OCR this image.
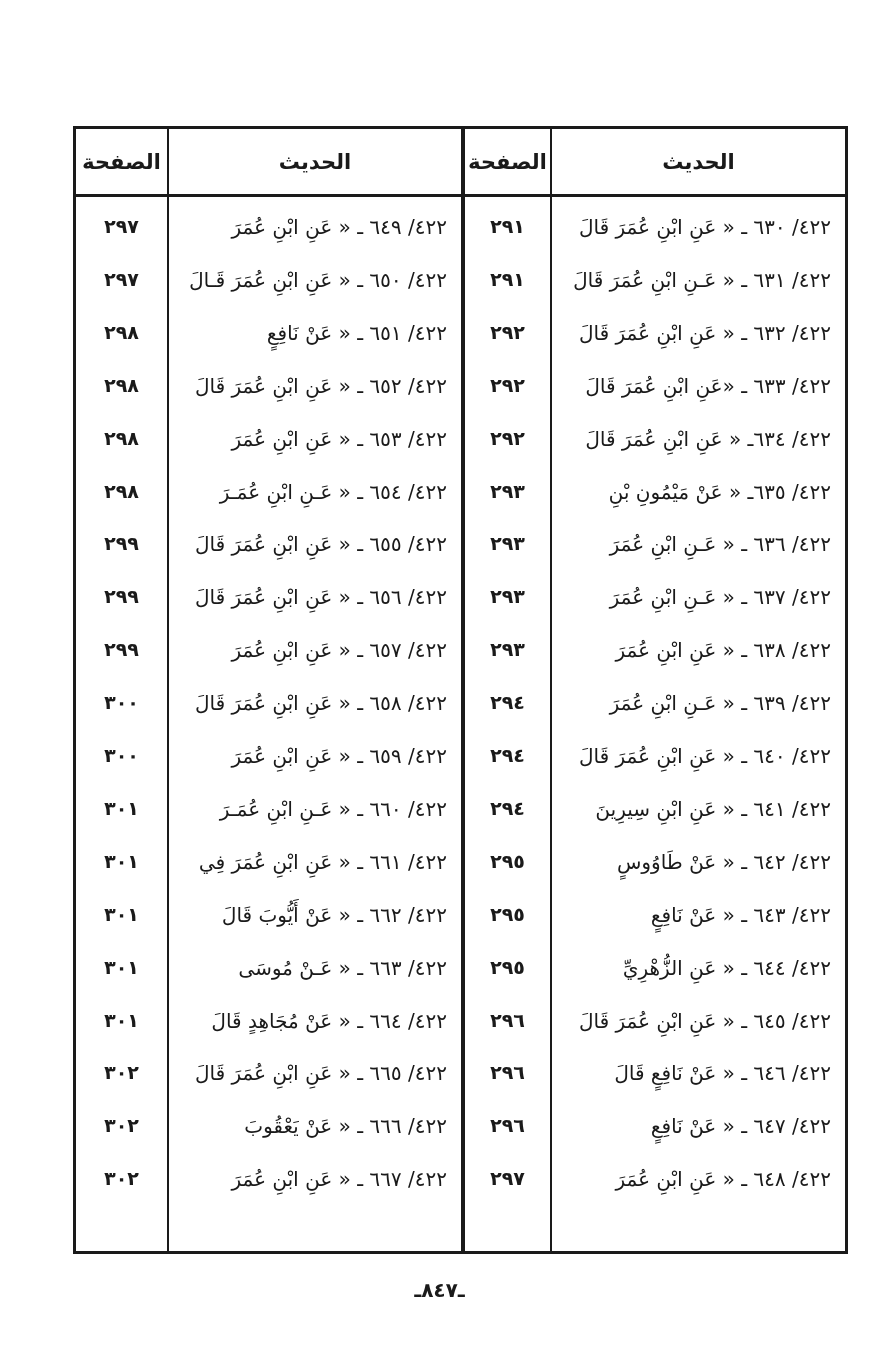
الحديث
الصفحة
الحديث
الصفحة
٤٢٢/ ٦٣٠ ـ « عَنِ ابْنِ عُمَرَ قَالَ
٢٩١
٤٢٢/ ٦٣١ ـ « عَـنِ ابْنِ عُمَرَ قَالَ
٢٩١
٤٢٢/ ٦٣٢ ـ « عَنِ ابْنِ عُمَرَ قَالَ
٢٩٢
٤٢٢/ ٦٣٣ ـ «عَنِ ابْنِ عُمَرَ قَالَ
٢٩٢
٤٢٢/ ٦٣٤ـ « عَنِ ابْنِ عُمَرَ قَالَ
٢٩٢
٤٢٢/ ٦٣٥ـ « عَنْ مَيْمُونِ بْنِ
٢٩٣
٤٢٢/ ٦٣٦ ـ « عَـنِ ابْنِ عُمَرَ
٢٩٣
٤٢٢/ ٦٣٧ ـ « عَـنِ ابْنِ عُمَرَ
٢٩٣
٤٢٢/ ٦٣٨ ـ « عَنِ ابْنِ عُمَرَ
٢٩٣
٤٢٢/ ٦٣٩ ـ « عَـنِ ابْنِ عُمَرَ
٢٩٤
٤٢٢/ ٦٤٠ ـ « عَنِ ابْنِ عُمَرَ قَالَ
٢٩٤
٤٢٢/ ٦٤١ ـ « عَنِ ابْنِ سِيرِينَ
٢٩٤
٤٢٢/ ٦٤٢ ـ « عَنْ طَاوُوسٍ
٢٩٥
٤٢٢/ ٦٤٣ ـ « عَنْ نَافِعٍ
٢٩٥
٤٢٢/ ٦٤٤ ـ « عَنِ الزُّهْرِيِّ
٢٩٥
٤٢٢/ ٦٤٥ ـ « عَنِ ابْنِ عُمَرَ قَالَ
٢٩٦
٤٢٢/ ٦٤٦ ـ « عَنْ نَافِعٍ قَالَ
٢٩٦
٤٢٢/ ٦٤٧ ـ « عَنْ نَافِعٍ
٢٩٦
٤٢٢/ ٦٤٨ ـ « عَنِ ابْنِ عُمَرَ
٢٩٧
٤٢٢/ ٦٤٩ ـ « عَنِ ابْنِ عُمَرَ
٢٩٧
٤٢٢/ ٦٥٠ ـ « عَنِ ابْنِ عُمَرَ قَـالَ
٢٩٧
٤٢٢/ ٦٥١ ـ « عَنْ نَافِعٍ
٢٩٨
٤٢٢/ ٦٥٢ ـ « عَنِ ابْنِ عُمَرَ قَالَ
٢٩٨
٤٢٢/ ٦٥٣ ـ « عَنِ ابْنِ عُمَرَ
٢٩٨
٤٢٢/ ٦٥٤ ـ « عَـنِ ابْنِ عُمَـرَ
٢٩٨
٤٢٢/ ٦٥٥ ـ « عَنِ ابْنِ عُمَرَ قَالَ
٢٩٩
٤٢٢/ ٦٥٦ ـ « عَنِ ابْنِ عُمَرَ قَالَ
٢٩٩
٤٢٢/ ٦٥٧ ـ « عَنِ ابْنِ عُمَرَ
٢٩٩
٤٢٢/ ٦٥٨ ـ « عَنِ ابْنِ عُمَرَ قَالَ
٣٠٠
٤٢٢/ ٦٥٩ ـ « عَنِ ابْنِ عُمَرَ
٣٠٠
٤٢٢/ ٦٦٠ ـ « عَـنِ ابْنِ عُمَـرَ
٣٠١
٤٢٢/ ٦٦١ ـ « عَنِ ابْنِ عُمَرَ فِي
٣٠١
٤٢٢/ ٦٦٢ ـ « عَنْ أَيُّوبَ قَالَ
٣٠١
٤٢٢/ ٦٦٣ ـ « عَـنْ مُوسَى
٣٠١
٤٢٢/ ٦٦٤ ـ « عَنْ مُجَاهِدٍ قَالَ
٣٠١
٤٢٢/ ٦٦٥ ـ « عَنِ ابْنِ عُمَرَ قَالَ
٣٠٢
٤٢٢/ ٦٦٦ ـ « عَنْ يَعْقُوبَ
٣٠٢
٤٢٢/ ٦٦٧ ـ « عَنِ ابْنِ عُمَرَ
٣٠٢
ـ٨٤٧ـ
